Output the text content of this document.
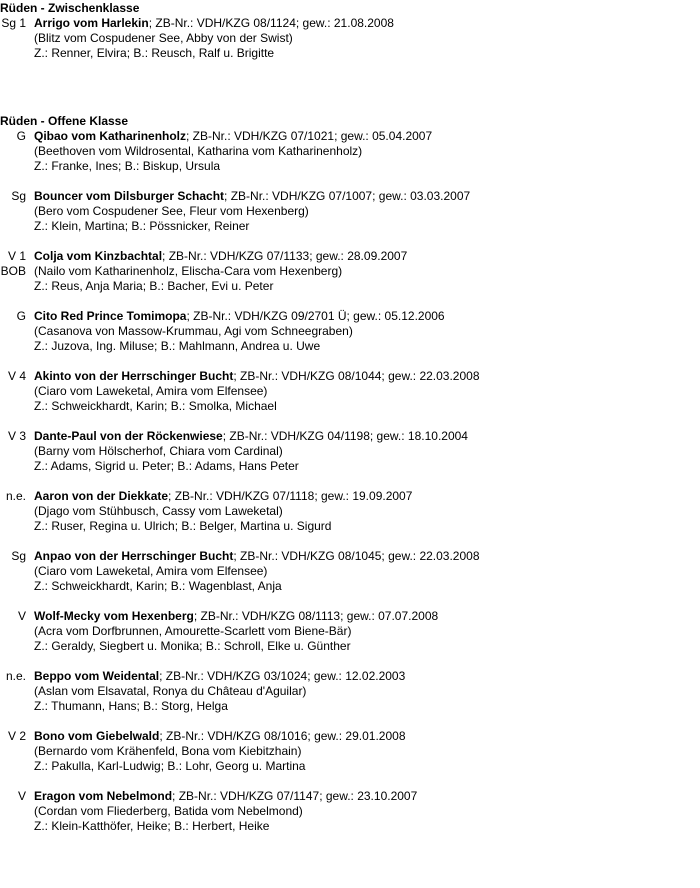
Rüden - Zwischenklasse
Sg 1 Arrigo vom Harlekin; ZB-Nr.: VDH/KZG 08/1124; gew.: 21.08.2008
(Blitz vom Cospudener See, Abby von der Swist)
Z.: Renner, Elvira; B.: Reusch, Ralf u. Brigitte
Rüden - Offene Klasse
G Qibao vom Katharinenholz; ZB-Nr.: VDH/KZG 07/1021; gew.: 05.04.2007
(Beethoven vom Wildrosental, Katharina vom Katharinenholz)
Z.: Franke, Ines; B.: Biskup, Ursula
Sg Bouncer vom Dilsburger Schacht; ZB-Nr.: VDH/KZG 07/1007; gew.: 03.03.2007
(Bero vom Cospudener See, Fleur vom Hexenberg)
Z.: Klein, Martina; B.: Pössnicker, Reiner
V 1
BOB
Colja vom Kinzbachtal; ZB-Nr.: VDH/KZG 07/1133; gew.: 28.09.2007
(Nailo vom Katharinenholz, Elischa-Cara vom Hexenberg)
Z.: Reus, Anja Maria; B.: Bacher, Evi u. Peter
G Cito Red Prince Tomimopa; ZB-Nr.: VDH/KZG 09/2701 Ü; gew.: 05.12.2006
(Casanova von Massow-Krummau, Agi vom Schneegraben)
Z.: Juzova, Ing. Miluse; B.: Mahlmann, Andrea u. Uwe
V 4 Akinto von der Herrschinger Bucht; ZB-Nr.: VDH/KZG 08/1044; gew.: 22.03.2008
(Ciaro vom Laweketal, Amira vom Elfensee)
Z.: Schweickhardt, Karin; B.: Smolka, Michael
V 3 Dante-Paul von der Röckenwiese; ZB-Nr.: VDH/KZG 04/1198; gew.: 18.10.2004
(Barny vom Hölscherhof, Chiara vom Cardinal)
Z.: Adams, Sigrid u. Peter; B.: Adams, Hans Peter
n.e. Aaron von der Diekkate; ZB-Nr.: VDH/KZG 07/1118; gew.: 19.09.2007
(Djago vom Stühbusch, Cassy vom Laweketal)
Z.: Ruser, Regina u. Ulrich; B.: Belger, Martina u. Sigurd
Sg Anpao von der Herrschinger Bucht; ZB-Nr.: VDH/KZG 08/1045; gew.: 22.03.2008
(Ciaro vom Laweketal, Amira vom Elfensee)
Z.: Schweickhardt, Karin; B.: Wagenblast, Anja
V Wolf-Mecky vom Hexenberg; ZB-Nr.: VDH/KZG 08/1113; gew.: 07.07.2008
(Acra vom Dorfbrunnen, Amourette-Scarlett vom Biene-Bär)
Z.: Geraldy, Siegbert u. Monika; B.: Schroll, Elke u. Günther
n.e. Beppo vom Weidental; ZB-Nr.: VDH/KZG 03/1024; gew.: 12.02.2003
(Aslan vom Elsavatal, Ronya du Château d'Aguilar)
Z.: Thumann, Hans; B.: Storg, Helga
V 2 Bono vom Giebelwald; ZB-Nr.: VDH/KZG 08/1016; gew.: 29.01.2008
(Bernardo vom Krähenfeld, Bona vom Kiebitzhain)
Z.: Pakulla, Karl-Ludwig; B.: Lohr, Georg u. Martina
V Eragon vom Nebelmond; ZB-Nr.: VDH/KZG 07/1147; gew.: 23.10.2007
(Cordan vom Fliederberg, Batida vom Nebelmond)
Z.: Klein-Katthöfer, Heike; B.: Herbert, Heike
